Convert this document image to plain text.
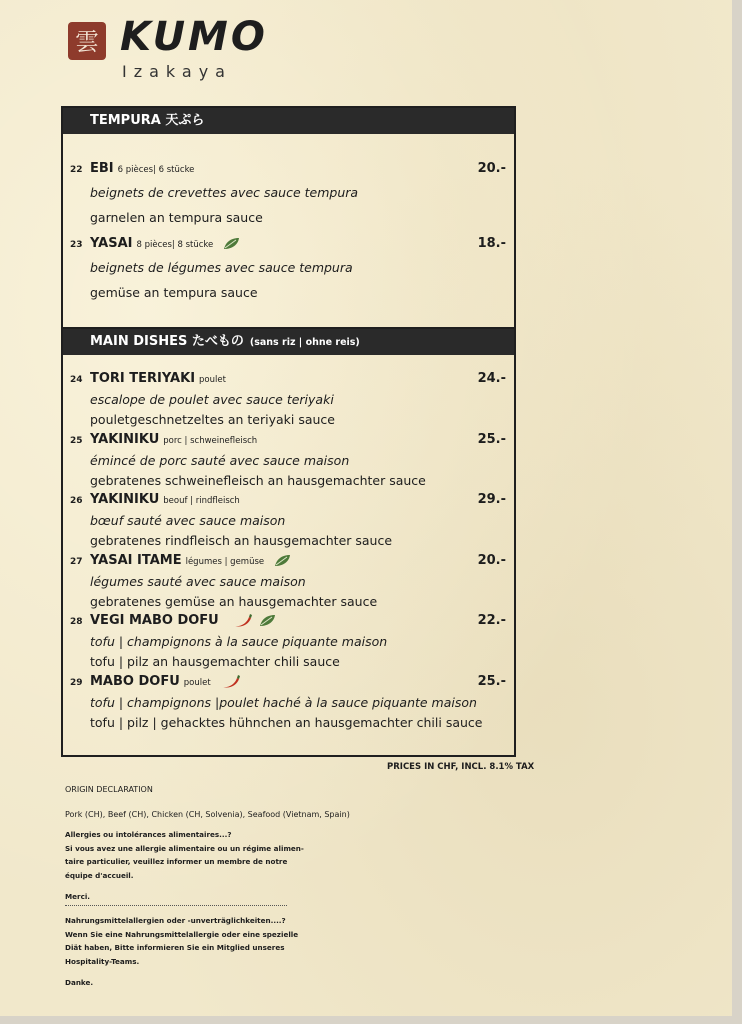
雲 KUMO
Izakaya
TEMPURA 天ぷら
22 EBI 6 pièces| 6 stücke	20.-
beignets de crevettes avec sauce tempura
garnelen an tempura sauce
23 YASAI 8 pièces| 8 stücke	18.-
beignets de légumes avec sauce tempura
gemüse an tempura sauce
MAIN DISHES たべもの (sans riz | ohne reis)
24 TORI TERIYAKI poulet	24.-
escalope de poulet avec sauce teriyaki
pouletgeschnetzeltes an teriyaki sauce
25 YAKINIKU porc | schweinefleisch	25.-
émincé de porc sauté avec sauce maison
gebratenes schweinefleisch an hausgemachter sauce
26 YAKINIKU beouf | rindfleisch	29.-
bœuf sauté avec sauce maison
gebratenes rindfleisch an hausgemachter sauce
27 YASAI ITAME légumes | gemüse	20.-
légumes sauté avec sauce maison
gebratenes gemüse an hausgemachter sauce
28 VEGI MABO DOFU	22.-
tofu | champignons à la sauce piquante maison
tofu | pilz an hausgemachter chili sauce
29 MABO DOFU poulet	25.-
tofu | champignons |poulet haché à la sauce piquante maison
tofu | pilz | gehacktes hühnchen an hausgemachter chili sauce
PRICES IN CHF, INCL. 8.1% TAX
ORIGIN DECLARATION
Pork (CH), Beef (CH), Chicken (CH, Solvenia), Seafood (Vietnam, Spain)
Allergies ou intolérances alimentaires...?
Si vous avez une allergie alimentaire ou un régime alimen-
taire particulier, veuillez informer un membre de notre
équipe d'accueil.
Merci.
Nahrungsmittelallergien oder -unverträglichkeiten....?
Wenn Sie eine Nahrungsmittelallergie oder eine spezielle
Diät haben, Bitte informieren Sie ein Mitglied unseres
Hospitality-Teams.
Danke.
